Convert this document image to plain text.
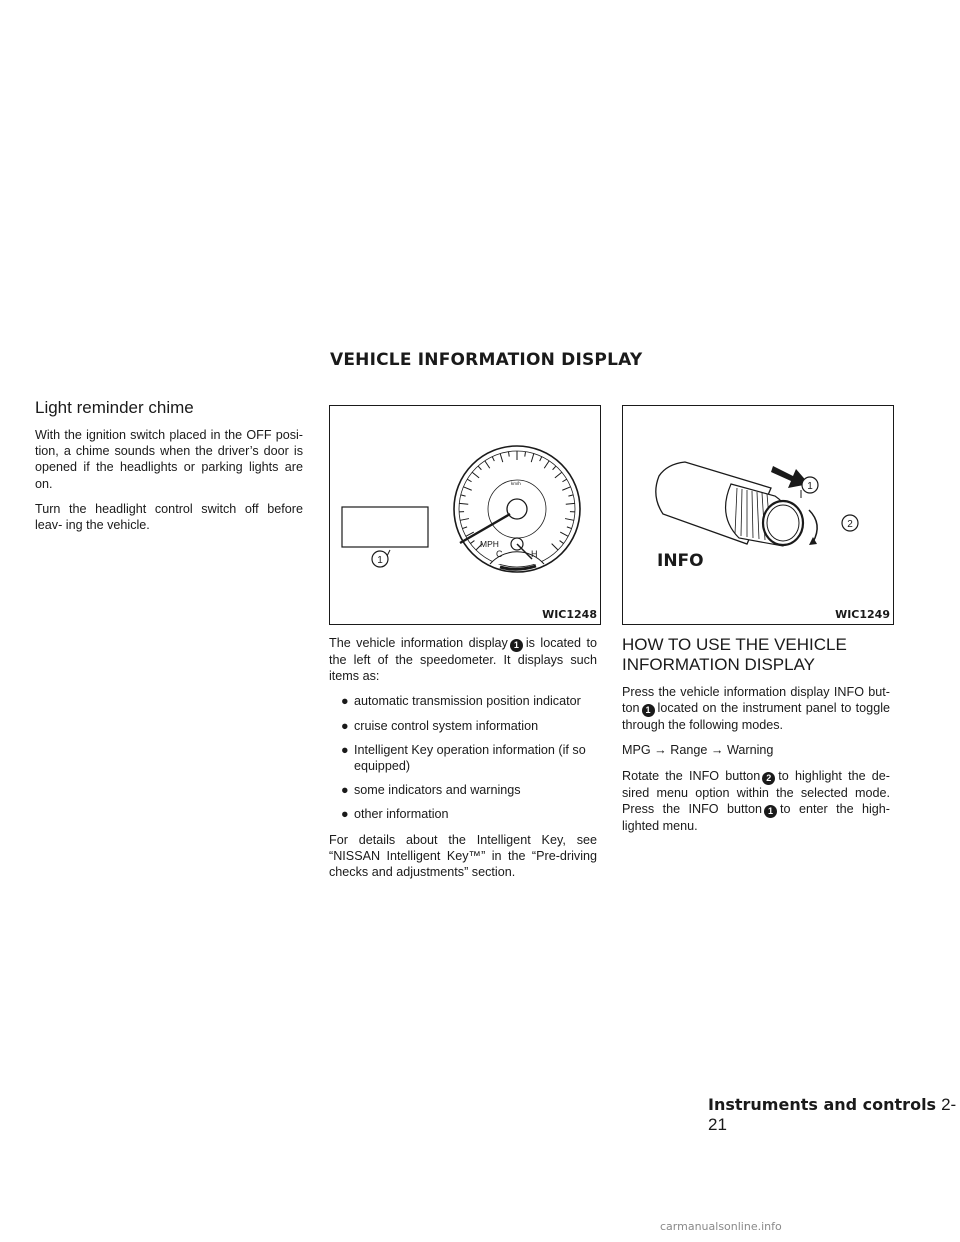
VEHICLE INFORMATION DISPLAY
Light reminder chime

With the ignition switch placed in the OFF posi- tion, a chime sounds when the driver’s door is opened if the headlights or parking lights are on.

Turn the headlight control switch off before leav- ing the vehicle.

MPH
km/h
C	H
1
WIC1248

The vehicle information display 1 is located to the left of the speedometer. It displays such items as:

● automatic transmission position indicator
● cruise control system information
● Intelligent Key operation information (if so equipped)
● some indicators and warnings
● other information

For details about the Intelligent Key, see “NISSAN Intelligent Key™” in the “Pre-driving checks and adjustments” section.

1
2
INFO
WIC1249
HOW TO USE THE VEHICLE INFORMATION DISPLAY

Press the vehicle information display INFO but- ton 1 located on the instrument panel to toggle through the following modes.

MPG → Range → Warning

Rotate the INFO button 2 to highlight the de- sired menu option within the selected mode. Press the INFO button 1 to enter the high- lighted menu.

Instruments and controls 2-21
carmanualsonline.info
